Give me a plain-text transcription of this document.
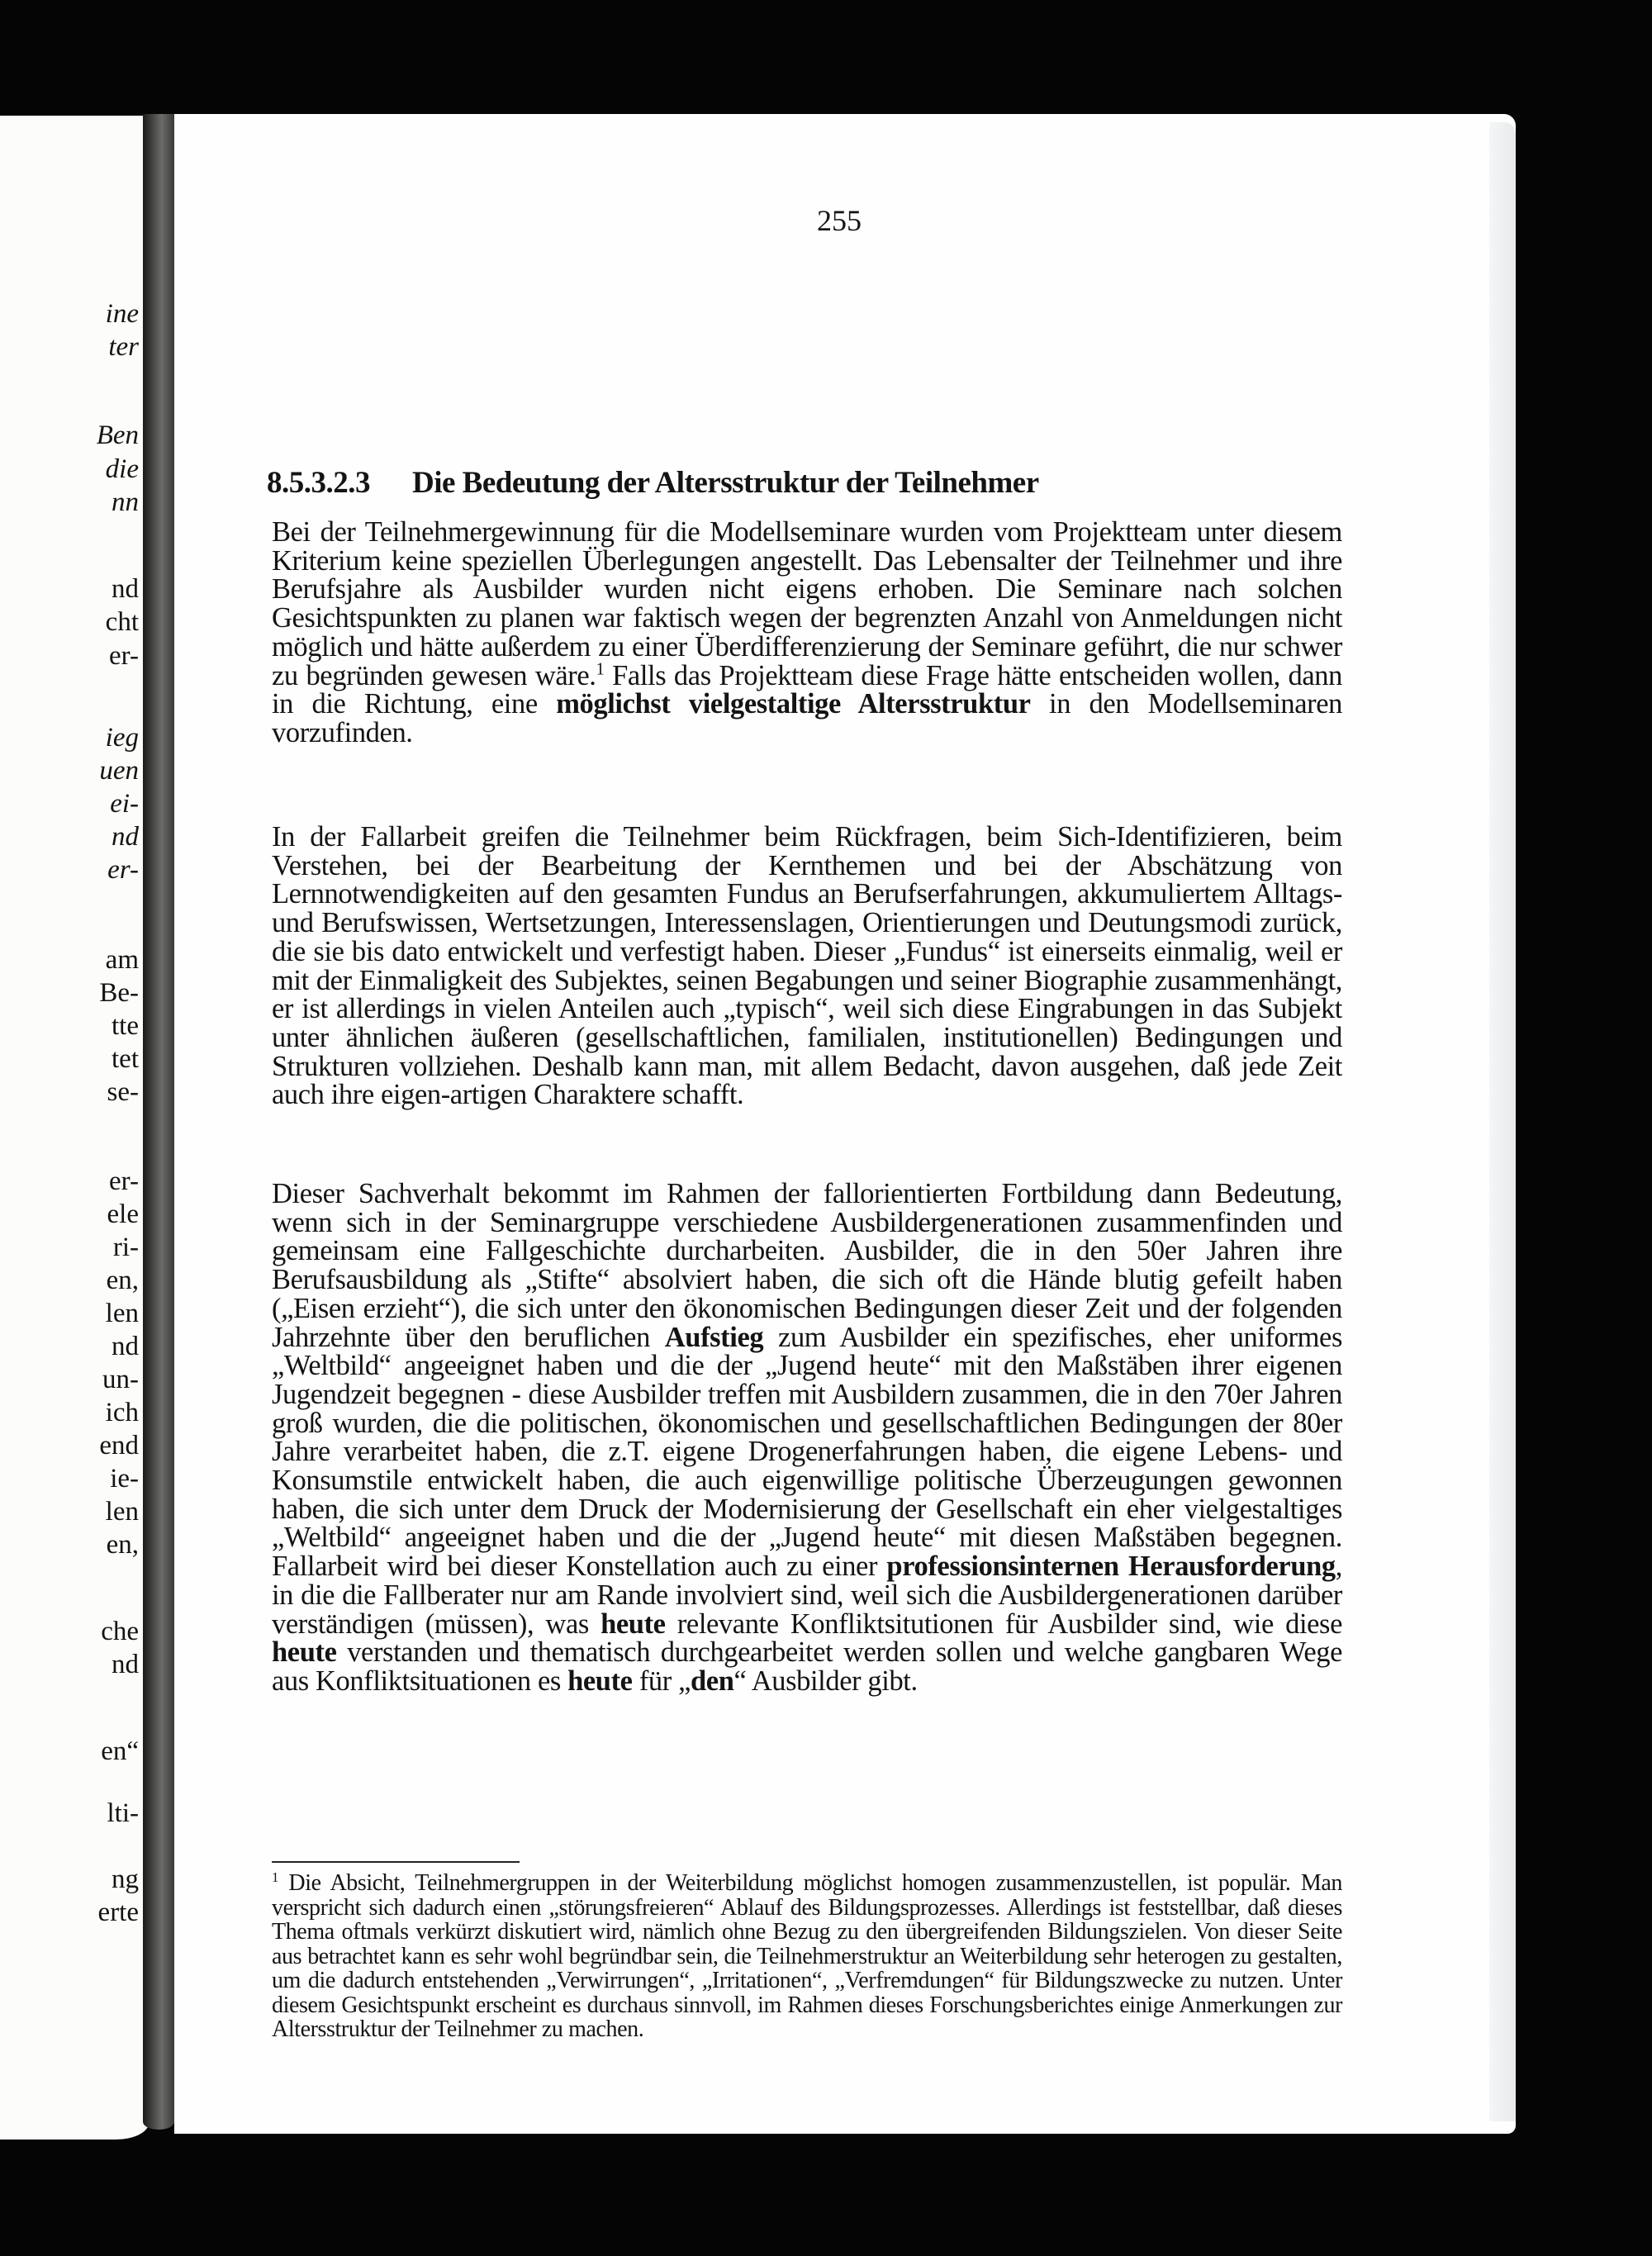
ine
ter
Ben
die
nn
nd
cht
er-
ieg
uen
ei-
nd
er-
am
Be-
tte
tet
se-
er-
ele
ri-
en,
len
nd
un-
ich
end
ie-
len
en,
che
nd
en“
lti-
ng
erte
255
8.5.3.2.3 Die Bedeutung der Altersstruktur der Teilnehmer

Bei der Teilnehmergewinnung für die Modellseminare wurden vom Projektteam unter diesem Kriterium keine speziellen Überlegungen angestellt. Das Lebensalter der Teilnehmer und ihre Berufsjahre als Ausbilder wurden nicht eigens erhoben. Die Seminare nach solchen Gesichtspunkten zu planen war faktisch wegen der begrenzten Anzahl von Anmeldungen nicht möglich und hätte außerdem zu einer Überdifferenzierung der Seminare geführt, die nur schwer zu begründen gewesen wäre.$^1$ Falls das Projektteam diese Frage hätte entscheiden wollen, dann in die Richtung, eine möglichst vielgestaltige Altersstruktur in den Modellseminaren vorzufinden.

In der Fallarbeit greifen die Teilnehmer beim Rückfragen, beim Sich-Identifizieren, beim Verstehen, bei der Bearbeitung der Kernthemen und bei der Abschätzung von Lernnotwendigkeiten auf den gesamten Fundus an Berufserfahrungen, akkumuliertem Alltags- und Berufswissen, Wertsetzungen, Interessenslagen, Orientierungen und Deutungsmodi zurück, die sie bis dato entwickelt und verfestigt haben. Dieser „Fundus“ ist einerseits einmalig, weil er mit der Einmaligkeit des Subjektes, seinen Begabungen und seiner Biographie zusammenhängt, er ist allerdings in vielen Anteilen auch „typisch“, weil sich diese Eingrabungen in das Subjekt unter ähnlichen äußeren (gesellschaftlichen, familialen, institutionellen) Bedingungen und Strukturen vollziehen. Deshalb kann man, mit allem Bedacht, davon ausgehen, daß jede Zeit auch ihre eigen-artigen Charaktere schafft.

Dieser Sachverhalt bekommt im Rahmen der fallorientierten Fortbildung dann Bedeutung, wenn sich in der Seminargruppe verschiedene Ausbildergenerationen zusammenfinden und gemeinsam eine Fallgeschichte durcharbeiten. Ausbilder, die in den 50er Jahren ihre Berufsausbildung als „Stifte“ absolviert haben, die sich oft die Hände blutig gefeilt haben („Eisen erzieht“), die sich unter den ökonomischen Bedingungen dieser Zeit und der folgenden Jahrzehnte über den beruflichen Aufstieg zum Ausbilder ein spezifisches, eher uniformes „Weltbild“ angeeignet haben und die der „Jugend heute“ mit den Maßstäben ihrer eigenen Jugendzeit begegnen - diese Ausbilder treffen mit Ausbildern zusammen, die in den 70er Jahren groß wurden, die die politischen, ökonomischen und gesellschaftlichen Bedingungen der 80er Jahre verarbeitet haben, die z.T. eigene Drogenerfahrungen haben, die eigene Lebens- und Konsumstile entwickelt haben, die auch eigenwillige politische Überzeugungen gewonnen haben, die sich unter dem Druck der Modernisierung der Gesellschaft ein eher vielgestaltiges „Weltbild“ angeeignet haben und die der „Jugend heute“ mit diesen Maßstäben begegnen. Fallarbeit wird bei dieser Konstellation auch zu einer professionsinternen Herausforderung, in die die Fallberater nur am Rande involviert sind, weil sich die Ausbildergenerationen darüber verständigen (müssen), was heute relevante Konfliktsitutionen für Ausbilder sind, wie diese heute verstanden und thematisch durchgearbeitet werden sollen und welche gangbaren Wege aus Konfliktsituationen es heute für „den“ Ausbilder gibt.

$^1$ Die Absicht, Teilnehmergruppen in der Weiterbildung möglichst homogen zusammenzustellen, ist populär. Man verspricht sich dadurch einen „störungsfreieren“ Ablauf des Bildungsprozesses. Allerdings ist feststellbar, daß dieses Thema oftmals verkürzt diskutiert wird, nämlich ohne Bezug zu den übergreifenden Bildungszielen. Von dieser Seite aus betrachtet kann es sehr wohl begründbar sein, die Teilnehmerstruktur an Weiterbildung sehr heterogen zu gestalten, um die dadurch entstehenden „Verwirrungen“, „Irritationen“, „Verfremdungen“ für Bildungszwecke zu nutzen. Unter diesem Gesichtspunkt erscheint es durchaus sinnvoll, im Rahmen dieses Forschungsberichtes einige Anmerkungen zur Altersstruktur der Teilnehmer zu machen.
